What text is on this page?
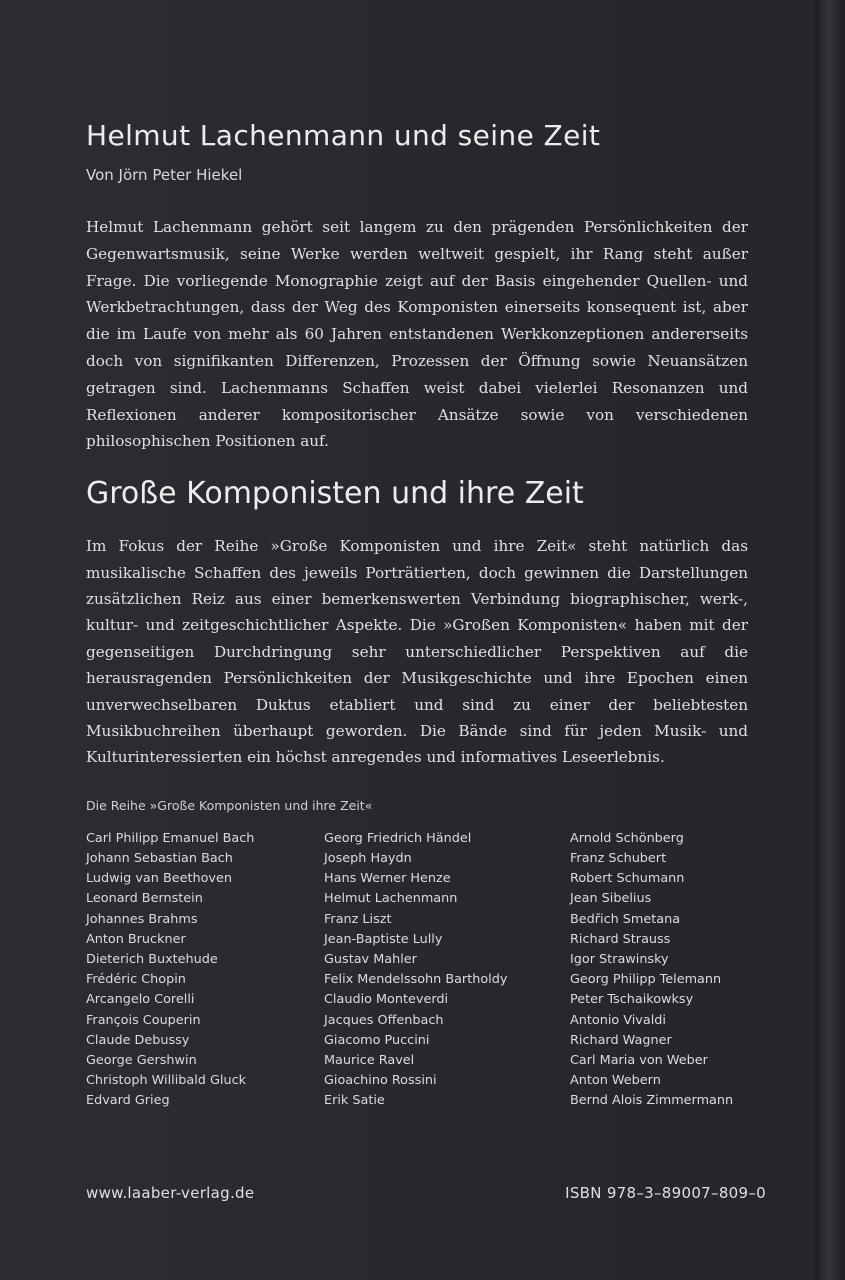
Helmut Lachenmann und seine Zeit

Von Jörn Peter Hiekel

Helmut Lachenmann gehört seit langem zu den prägenden Persönlichkeiten der Gegenwartsmusik, seine Werke werden weltweit gespielt, ihr Rang steht außer Frage. Die vorliegende Monographie zeigt auf der Basis eingehender Quellen- und Werkbetrachtungen, dass der Weg des Komponisten einerseits konsequent ist, aber die im Laufe von mehr als 60 Jahren entstandenen Werkkonzeptionen andererseits doch von signifikanten Differenzen, Prozessen der Öffnung sowie Neuansätzen getragen sind. Lachenmanns Schaffen weist dabei vielerlei Resonanzen und Reflexionen anderer kompositorischer Ansätze sowie von verschiedenen philosophischen Positionen auf.

Große Komponisten und ihre Zeit

Im Fokus der Reihe »Große Komponisten und ihre Zeit« steht natürlich das musikalische Schaffen des jeweils Porträtierten, doch gewinnen die Darstellungen zusätzlichen Reiz aus einer bemerkenswerten Verbindung biographischer, werk-, kultur- und zeitgeschichtlicher Aspekte. Die »Großen Komponisten« haben mit der gegenseitigen Durchdringung sehr unterschiedlicher Perspektiven auf die herausragenden Persönlichkeiten der Musikgeschichte und ihre Epochen einen unverwechselbaren Duktus etabliert und sind zu einer der beliebtesten Musikbuchreihen überhaupt geworden. Die Bände sind für jeden Musik- und Kulturinteressierten ein höchst anregendes und informatives Leseerlebnis.

Die Reihe »Große Komponisten und ihre Zeit«

Carl Philipp Emanuel Bach
Johann Sebastian Bach
Ludwig van Beethoven
Leonard Bernstein
Johannes Brahms
Anton Bruckner
Dieterich Buxtehude
Frédéric Chopin
Arcangelo Corelli
François Couperin
Claude Debussy
George Gershwin
Christoph Willibald Gluck
Edvard Grieg
Georg Friedrich Händel
Joseph Haydn
Hans Werner Henze
Helmut Lachenmann
Franz Liszt
Jean-Baptiste Lully
Gustav Mahler
Felix Mendelssohn Bartholdy
Claudio Monteverdi
Jacques Offenbach
Giacomo Puccini
Maurice Ravel
Gioachino Rossini
Erik Satie
Arnold Schönberg
Franz Schubert
Robert Schumann
Jean Sibelius
Bedřich Smetana
Richard Strauss
Igor Strawinsky
Georg Philipp Telemann
Peter Tschaikowksy
Antonio Vivaldi
Richard Wagner
Carl Maria von Weber
Anton Webern
Bernd Alois Zimmermann
www.laaber-verlag.de	ISBN 978–3–89007–809–0
